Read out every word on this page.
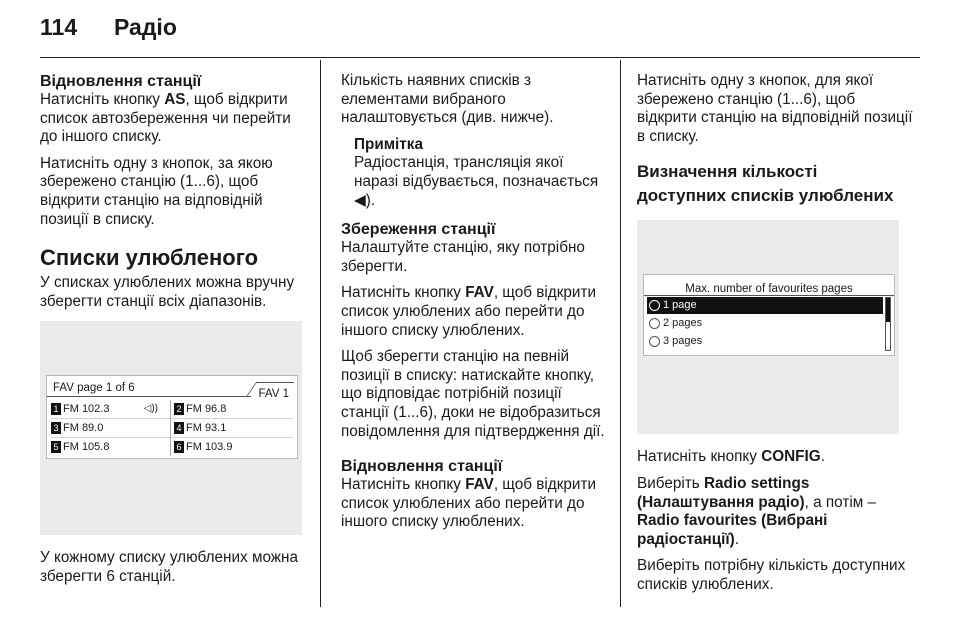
114 Радіо
Відновлення станції

Натисніть кнопку AS, щоб відкрити список автозбереження чи перейти до іншого списку.

Натисніть одну з кнопок, за якою збережено станцію (1...6), щоб відкрити станцію на відповідній позиції в списку.

Списки улюбленого

У списках улюблених можна вручну зберегти станції всіх діапазонів.

FAV page 1 of 6	FAV 1
1 FM 102.3	◁)) 2 FM 96.8
3 FM 89.0	4 FM 93.1
5 FM 105.8	6 FM 103.9

У кожному списку улюблених можна зберегти 6 станцій.

Кількість наявних списків з елементами вибраного налаштовується (див. нижче).

Примітка
Радіостанція, трансляція якої наразі відбувається, позначається ◀).
Збереження станції

Налаштуйте станцію, яку потрібно зберегти.

Натисніть кнопку FAV, щоб відкрити список улюблених або перейти до іншого списку улюблених.

Щоб зберегти станцію на певній позиції в списку: натискайте кнопку, що відповідає потрібній позиції станції (1...6), доки не відобразиться повідомлення для підтвердження дії.

Відновлення станції

Натисніть кнопку FAV, щоб відкрити список улюблених або перейти до іншого списку улюблених.

Натисніть одну з кнопок, для якої збережено станцію (1...6), щоб відкрити станцію на відповідній позиції в списку.

Визначення кількості доступних списків улюблених
Max. number of favourites pages
1 page
2 pages
3 pages

Натисніть кнопку CONFIG.

Виберіть Radio settings (Налаштування радіо), а потім – Radio favourites (Вибрані радіостанції).

Виберіть потрібну кількість доступних списків улюблених.
